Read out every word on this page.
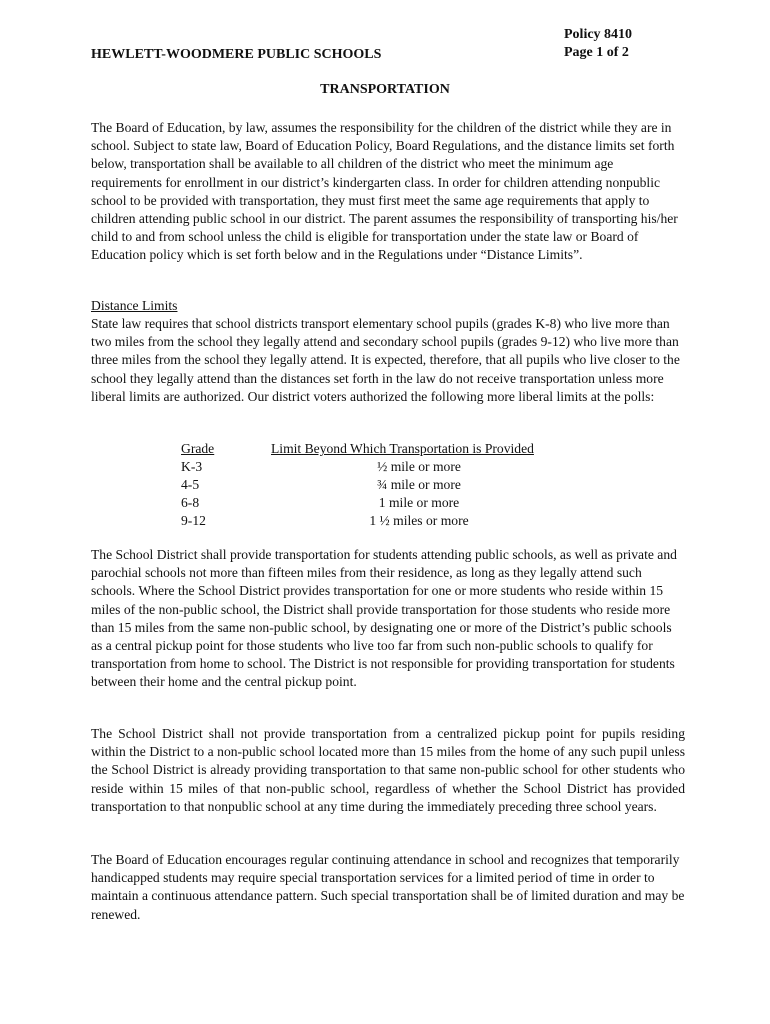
Policy 8410
Page 1 of 2
HEWLETT-WOODMERE PUBLIC SCHOOLS
TRANSPORTATION

The Board of Education, by law, assumes the responsibility for the children of the district while they are in school. Subject to state law, Board of Education Policy, Board Regulations, and the distance limits set forth below, transportation shall be available to all children of the district who meet the minimum age requirements for enrollment in our district’s kindergarten class. In order for children attending nonpublic school to be provided with transportation, they must first meet the same age requirements that apply to children attending public school in our district. The parent assumes the responsibility of transporting his/her child to and from school unless the child is eligible for transportation under the state law or Board of Education policy which is set forth below and in the Regulations under “Distance Limits”.

Distance Limits

State law requires that school districts transport elementary school pupils (grades K-8) who live more than two miles from the school they legally attend and secondary school pupils (grades 9-12) who live more than three miles from the school they legally attend. It is expected, therefore, that all pupils who live closer to the school they legally attend than the distances set forth in the law do not receive transportation unless more liberal limits are authorized. Our district voters authorized the following more liberal limits at the polls:

Grade	Limit Beyond Which Transportation is Provided
K-3	½ mile or more
4-5	¾ mile or more
6-8	1 mile or more
9-12	1 ½ miles or more

The School District shall provide transportation for students attending public schools, as well as private and parochial schools not more than fifteen miles from their residence, as long as they legally attend such schools. Where the School District provides transportation for one or more students who reside within 15 miles of the non-public school, the District shall provide transportation for those students who reside more than 15 miles from the same non-public school, by designating one or more of the District’s public schools as a central pickup point for those students who live too far from such non-public schools to qualify for transportation from home to school. The District is not responsible for providing transportation for students between their home and the central pickup point.

The School District shall not provide transportation from a centralized pickup point for pupils residing within the District to a non-public school located more than 15 miles from the home of any such pupil unless the School District is already providing transportation to that same non-public school for other students who reside within 15 miles of that non-public school, regardless of whether the School District has provided transportation to that nonpublic school at any time during the immediately preceding three school years.

The Board of Education encourages regular continuing attendance in school and recognizes that temporarily handicapped students may require special transportation services for a limited period of time in order to maintain a continuous attendance pattern. Such special transportation shall be of limited duration and may be renewed.
